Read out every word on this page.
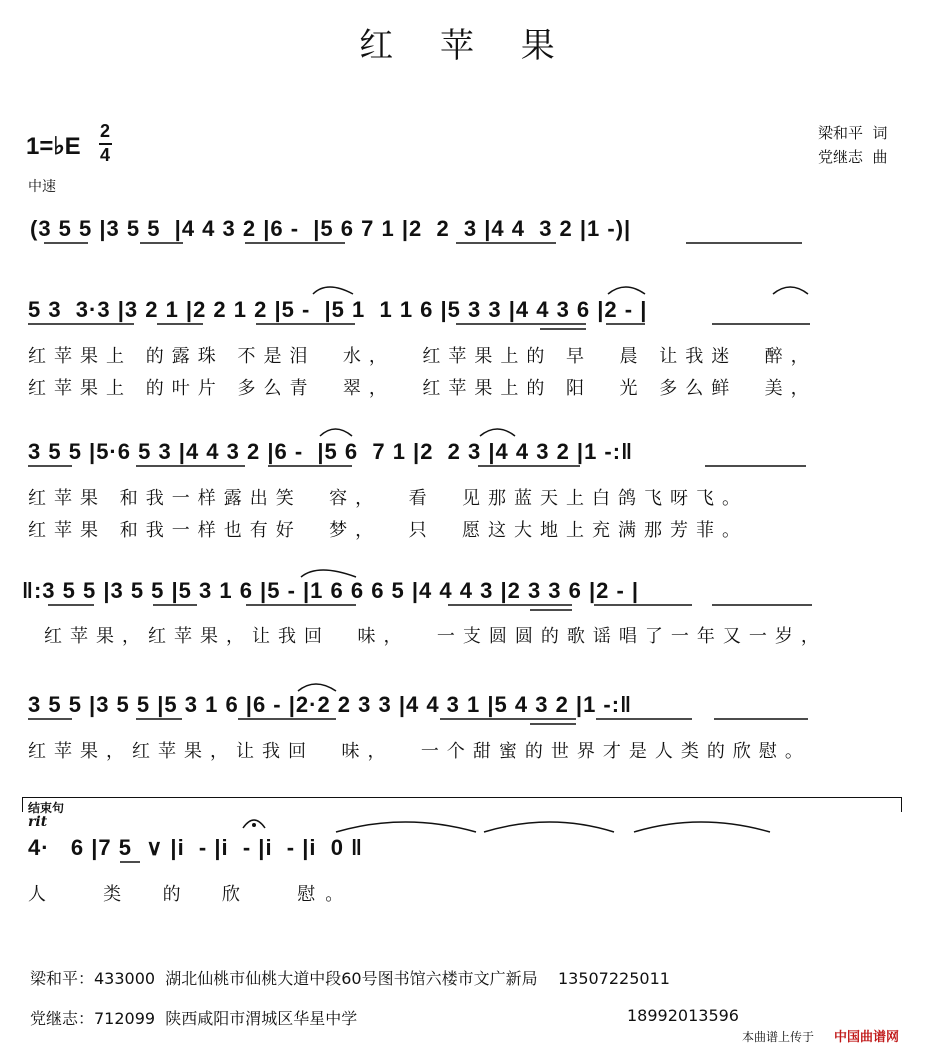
红 苹 果
梁和平  词
党继志  曲
1=♭E
2
4
中速
(3 5 5 |3 5 5  |4 4 3 2 |6 -  |5 6 7 1 |2  2  3 |4 4  3 2 |1 -)|
5 3  3·3 |3 2 1 |2 2 1 2 |5 -  |5 1  1 1 6 |5 3 3 |4 4 3 6 |2 - |
红苹果上 的露珠 不是泪  水，  红苹果上的 早  晨 让我迷  醉，
红苹果上 的叶片 多么青  翠，  红苹果上的 阳  光 多么鲜  美，
3 5 5 |5·6 5 3 |4 4 3 2 |6 -  |5 6  7 1 |2  2 3 |4 4 3 2 |1 -:‖
红苹果 和我一样露出笑  容，  看  见那蓝天上白鸽飞呀飞。
红苹果 和我一样也有好  梦，  只  愿这大地上充满那芳菲。
‖:3 5 5 |3 5 5 |5 3 1 6 |5 - |1 6 6 6 5 |4 4 4 3 |2 3 3 6 |2 - |
红苹果，红苹果，让我回  味，  一支圆圆的歌谣唱了一年又一岁，
3 5 5 |3 5 5 |5 3 1 6 |6 - |2·2 2 3 3 |4 4 3 1 |5 4 3 2 |1 -:‖
红苹果，红苹果，让我回  味，  一个甜蜜的世界才是人类的欣慰。
结束句
rit
4·   6 |7 5  ∨ |i  - |i  - |i  - |i  0 ‖
人   类  的  欣   慰。
梁和平：433000  湖北仙桃市仙桃大道中段60号图书馆六楼市文广新局    13507225011
党继志：712099  陕西咸阳市渭城区华星中学	18992013596
本曲谱上传于 中国曲谱网
